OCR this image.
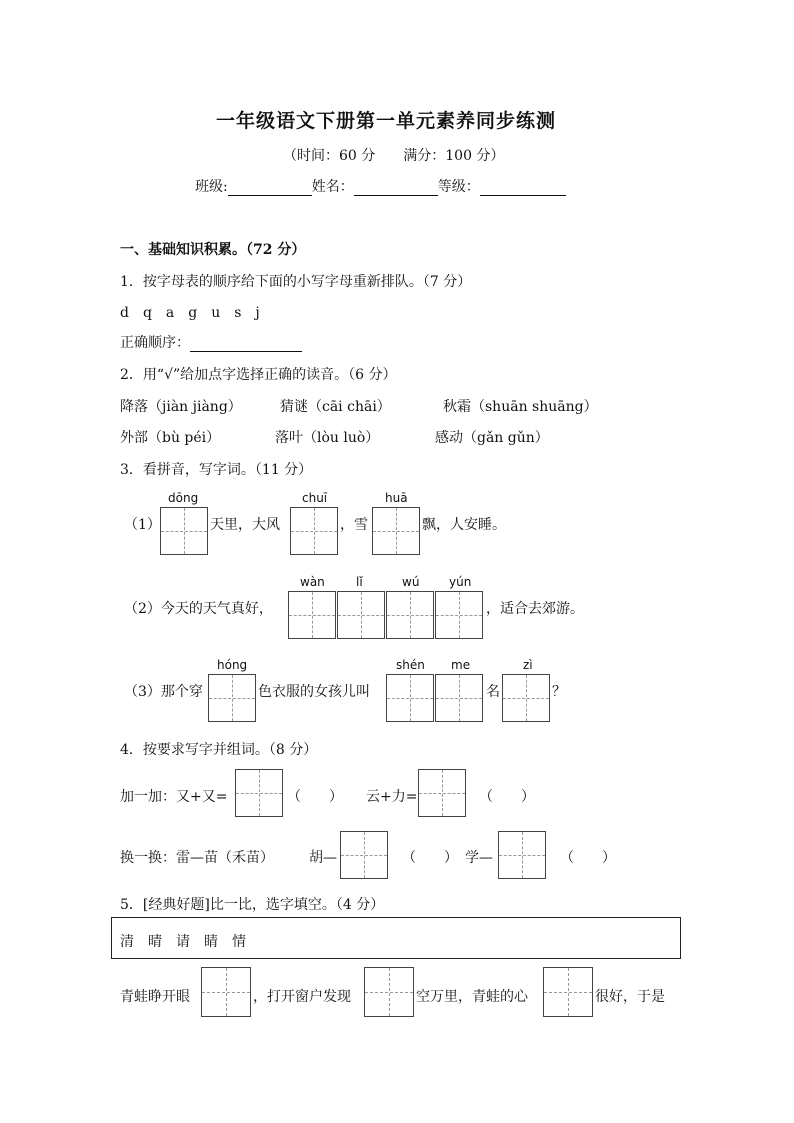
一年级语文下册第一单元素养同步练测
（时间：60 分　　满分：100 分）
班级:	姓名：	等级：
一、基础知识积累。（72 分）
1．按字母表的顺序给下面的小写字母重新排队。（7 分）
d　q　a　g　u　s　j
正确顺序：
2．用“√”给加点字选择正确的读音。（6 分）
降落（jiàn jiàng）	猜谜（cāi chāi）	秋霜（shuān shuāng）
外部（bù péi）	落叶（lòu luò）	感动（gǎn gǔn）
3．看拼音，写字词。（11 分）
dōng	chuī	huā
（1）	天里，大风	，雪	飘，人安睡。
wàn	lǐ	wú yún
（2）今天的天气真好，	，适合去郊游。
hóng	shén me	zì
（3）那个穿	色衣服的女孩儿叫	名	？
4．按要求写字并组词。（8 分）
加一加：又+又=	（　　） 云+力=	（　　）
换一换：雷—苗（禾苗）	胡—	（　　） 学—	（　　）
5．[经典好题]比一比，选字填空。（4 分）
清　晴　请　睛　情
青蛙睁开眼	，打开窗户发现	空万里，青蛙的心	很好，于是
